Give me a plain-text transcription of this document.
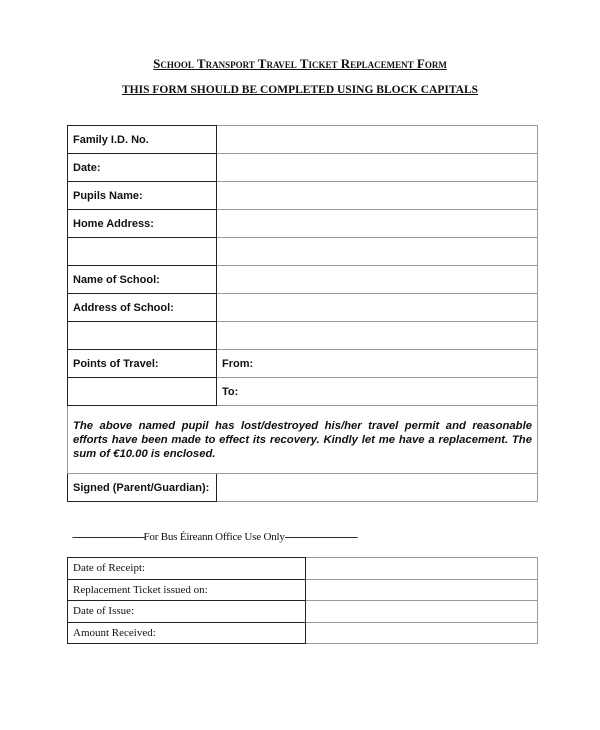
School Transport Travel Ticket Replacement Form
THIS FORM SHOULD BE COMPLETED USING BLOCK CAPITALS
Family I.D. No.	
Date:	
Pupils Name:	
Home Address:	

Name of School:	
Address of School:	

Points of Travel:	From:
	To:
The above named pupil has lost/destroyed his/her travel permit and reasonable efforts have been made to effect its recovery. Kindly let me have a replacement. The sum of €10.00 is enclosed.	
Signed (Parent/Guardian):	
-------------------------------------------For Bus Éireann Office Use Only-------------------------------------------
Date of Receipt:	
Replacement Ticket issued on:	
Date of Issue:	
Amount Received:	
